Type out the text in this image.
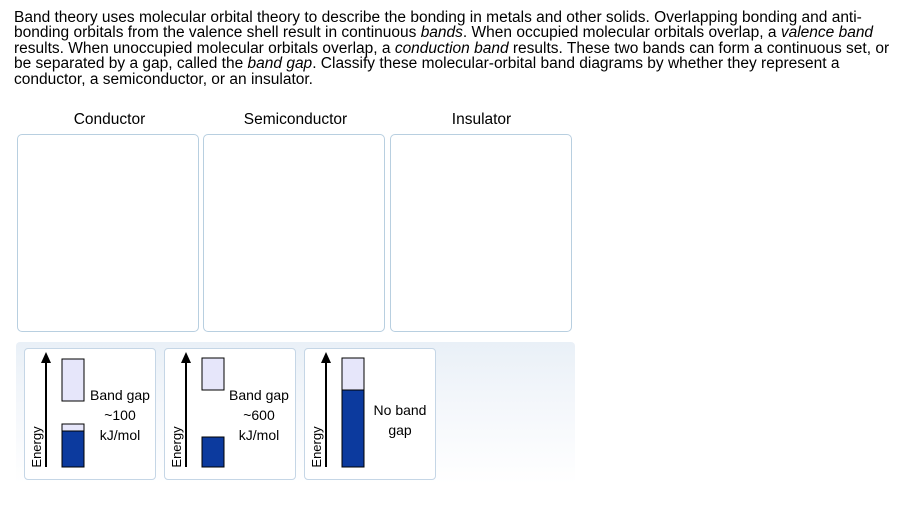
Band theory uses molecular orbital theory to describe the bonding in metals and other solids. Overlapping bonding and anti-bonding orbitals from the valence shell result in continuous bands. When occupied molecular orbitals overlap, a valence band results. When unoccupied molecular orbitals overlap, a conduction band results. These two bands can form a continuous set, or be separated by a gap, called the band gap. Classify these molecular-orbital band diagrams by whether they represent a conductor, a semiconductor, or an insulator.

Conductor	Semiconductor	Insulator
Energy
Band gap
~100
kJ/mol	Energy
Band gap
~600
kJ/mol	Energy
No band
gap
